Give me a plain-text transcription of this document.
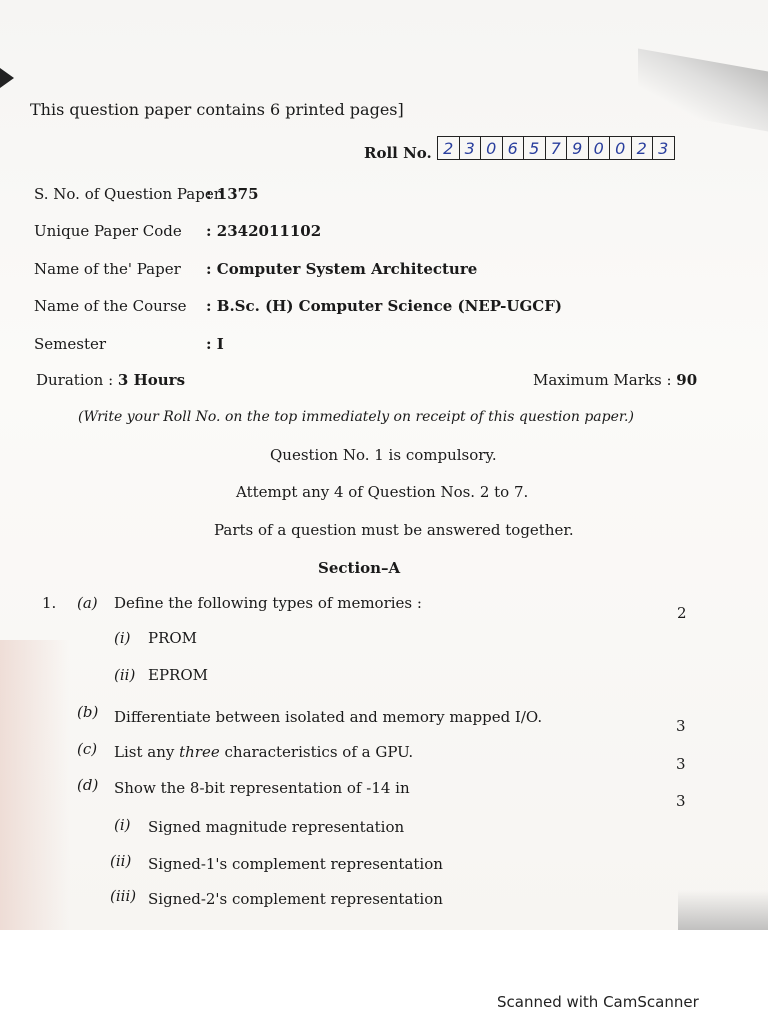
This question paper contains 6 printed pages]
Roll No. 2 3 0 6 5 7 9 0 0 2 3
S. No. of Question Paper
: 1375
Unique Paper Code : 2342011102
Name of the' Paper : Computer System Architecture
Name of the Course : B.Sc. (H) Computer Science (NEP-UGCF)
Semester	: I
Duration : 3 Hours	Maximum Marks : 90
(Write your Roll No. on the top immediately on receipt of this question paper.)
Question No. 1 is compulsory.
Attempt any 4 of Question Nos. 2 to 7.
Parts of a question must be answered together.
Section–A
1. (a) Define the following types of memories :
2
(i) PROM
(ii) EPROM
(b) Differentiate between isolated and memory mapped I/O.	3
(c) List any three characteristics of a GPU.
3
(d) Show the 8-bit representation of -14 in
3
(i) Signed magnitude representation
(ii) Signed-1's complement representation
(iii) Signed-2's complement representation
Scanned with CamScanner
